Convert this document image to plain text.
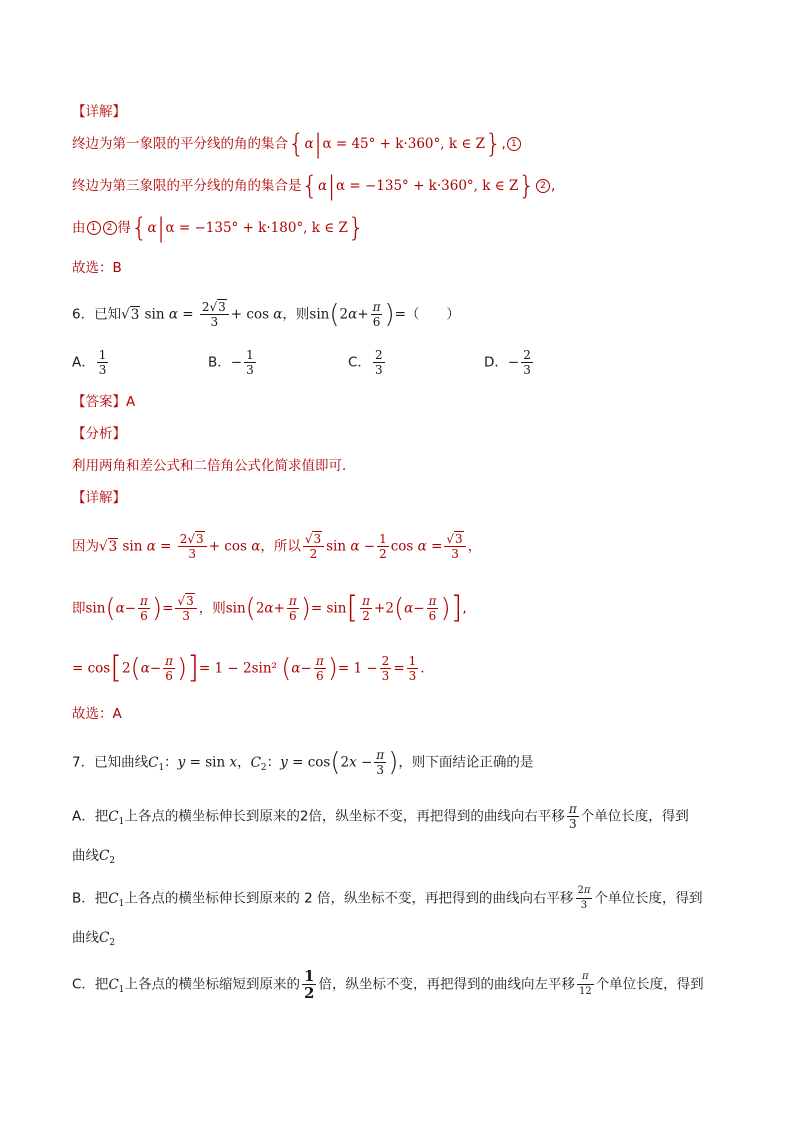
【详解】
终边为第一象限的平分线的角的集合{α|α = 45° + k·360°, k ∈ Z}, 1
终边为第三象限的平分线的角的集合是{α|α = −135° + k·360°, k ∈ Z} 2 ,
由 1 2 得{α|α = −135° + k·180°, k ∈ Z}
故选：B
6．已知√3 $\sin \alpha = \frac{2√3}{3} + \cos \alpha$，则$\sin(2\alpha+ \frac{\pi}{6}$ )=（　　）
A． $\frac{1}{3}$	B．− $\frac{1}{3}$	C． $\frac{2}{3}$	D．− $\frac{2}{3}$
【答案】A
【分析】
利用两角和差公式和二倍角公式化简求值即可．
【详解】
因为√3 $\sin \alpha = \frac{2√3}{3} + \cos \alpha$，所以 $\frac{√3}{2}$ $\sin \alpha - \frac{1}{2}$ $\cos \alpha = \frac{√3}{3}$ ，
即$\sin(\alpha- \frac{\pi}{6}$ )= $\frac{√3}{3}$ ，则$\sin(2\alpha+ \frac{\pi}{6}$ )= $\sin[ \frac{\pi}{2} +2(\alpha- \frac{\pi}{6}$ )],
= $\cos[2(\alpha- \frac{\pi}{6}$ )]= 1 − 2sin² ($\alpha- \frac{\pi}{6}$ )= $1 - \frac{2}{3} = \frac{1}{3}$ .
故选：A
7．已知曲线$C_1$：y = sin x，$C_2$：$y = \cos(2x - \frac{\pi}{3}$ )，则下面结论正确的是
A．把$C_1$上各点的横坐标伸长到原来的2倍，纵坐标不变，再把得到的曲线向右平移 $\frac{\pi}{3}$ 个单位长度，得到
曲线$C_2$
B．把$C_1$上各点的横坐标伸长到原来的 2 倍，纵坐标不变，再把得到的曲线向右平移 $\frac{2\pi}{3}$ 个单位长度，得到
曲线$C_2$
C．把$C_1$上各点的横坐标缩短到原来的 $\frac{1}{2}$ 倍，纵坐标不变，再把得到的曲线向左平移 $\frac{\pi}{12}$ 个单位长度，得到
